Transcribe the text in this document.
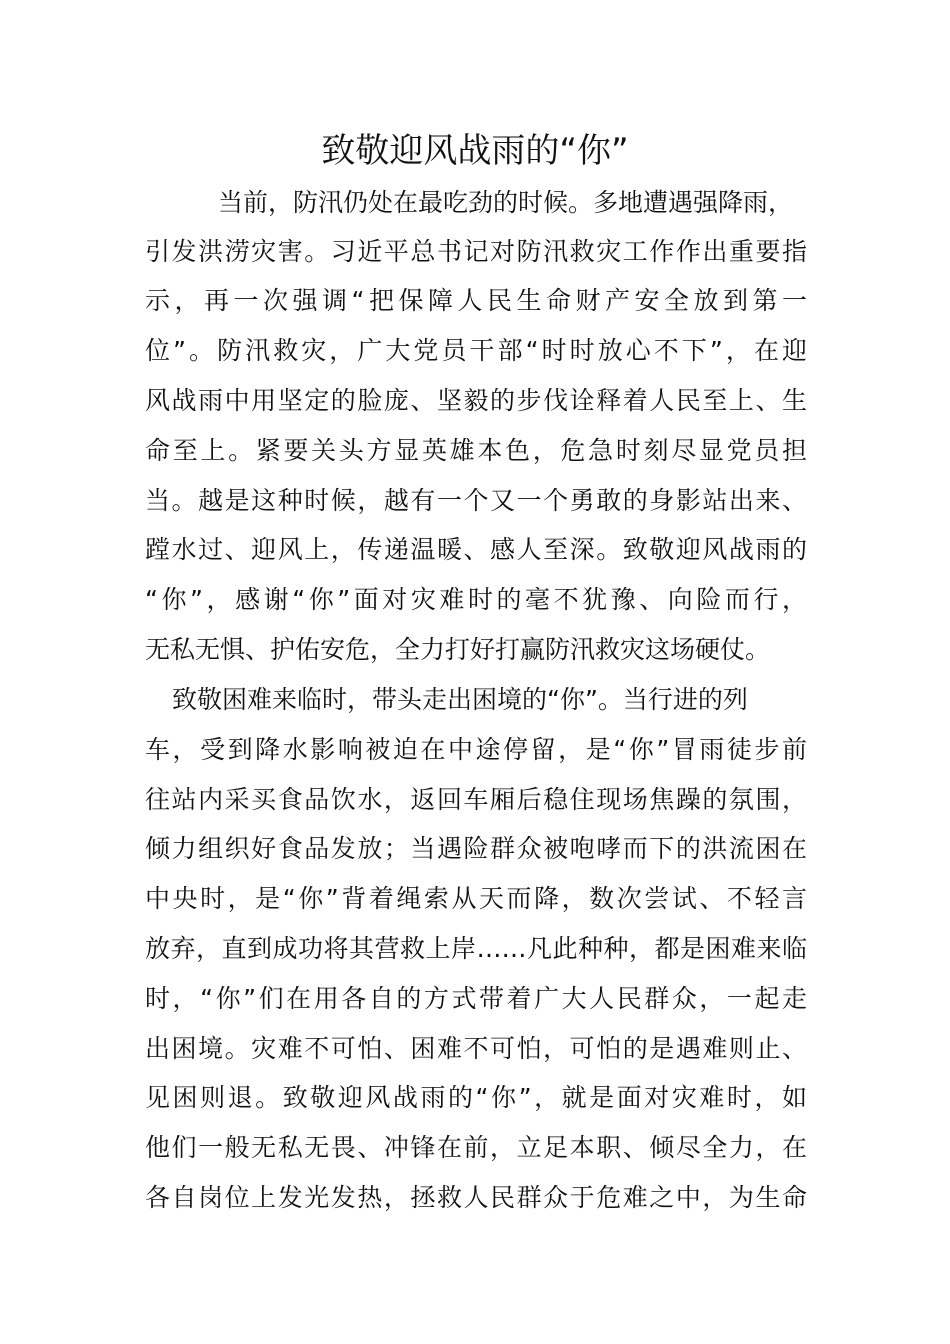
致敬迎风战雨的“你”
当前，防汛仍处在最吃劲的时候。多地遭遇强降雨，
引发洪涝灾害。习近平总书记对防汛救灾工作作出重要指
示，再一次强调“把保障人民生命财产安全放到第一
位”。防汛救灾，广大党员干部“时时放心不下”，在迎
风战雨中用坚定的脸庞、坚毅的步伐诠释着人民至上、生
命至上。紧要关头方显英雄本色，危急时刻尽显党员担
当。越是这种时候，越有一个又一个勇敢的身影站出来、
蹚水过、迎风上，传递温暖、感人至深。致敬迎风战雨的
“你”，感谢“你”面对灾难时的毫不犹豫、向险而行，
无私无惧、护佑安危，全力打好打赢防汛救灾这场硬仗。
致敬困难来临时，带头走出困境的“你”。当行进的列
车，受到降水影响被迫在中途停留，是“你”冒雨徒步前
往站内采买食品饮水，返回车厢后稳住现场焦躁的氛围，
倾力组织好食品发放；当遇险群众被咆哮而下的洪流困在
中央时，是“你”背着绳索从天而降，数次尝试、不轻言
放弃，直到成功将其营救上岸……凡此种种，都是困难来临
时，“你”们在用各自的方式带着广大人民群众，一起走
出困境。灾难不可怕、困难不可怕，可怕的是遇难则止、
见困则退。致敬迎风战雨的“你”，就是面对灾难时，如
他们一般无私无畏、冲锋在前，立足本职、倾尽全力，在
各自岗位上发光发热，拯救人民群众于危难之中，为生命
